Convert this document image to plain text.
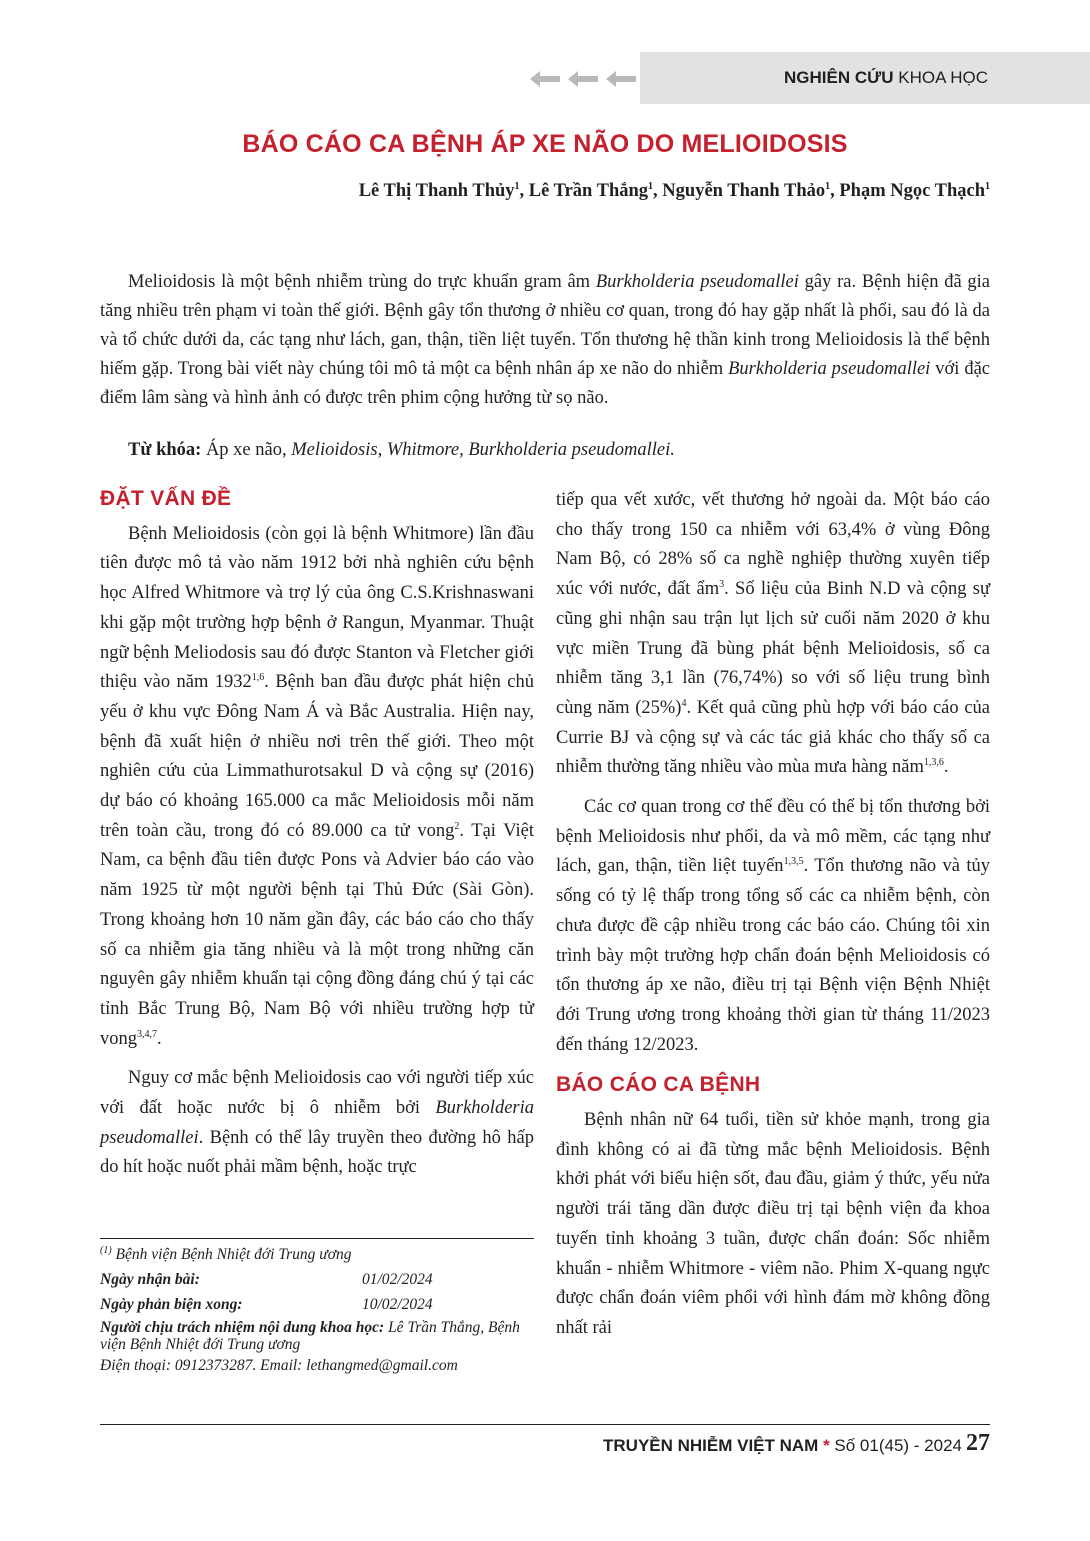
NGHIÊN CỨU KHOA HỌC
BÁO CÁO CA BỆNH ÁP XE NÃO DO MELIOIDOSIS
Lê Thị Thanh Thủy$^1$, Lê Trần Thắng$^1$, Nguyễn Thanh Thảo$^1$, Phạm Ngọc Thạch$^1$

Melioidosis là một bệnh nhiễm trùng do trực khuẩn gram âm Burkholderia pseudomallei gây ra. Bệnh hiện đã gia tăng nhiều trên phạm vi toàn thế giới. Bệnh gây tổn thương ở nhiều cơ quan, trong đó hay gặp nhất là phổi, sau đó là da và tổ chức dưới da, các tạng như lách, gan, thận, tiền liệt tuyến. Tổn thương hệ thần kinh trong Melioidosis là thể bệnh hiếm gặp. Trong bài viết này chúng tôi mô tả một ca bệnh nhân áp xe não do nhiễm Burkholderia pseudomallei với đặc điểm lâm sàng và hình ảnh có được trên phim cộng hưởng từ sọ não.

Từ khóa: Áp xe não, Melioidosis, Whitmore, Burkholderia pseudomallei.
ĐẶT VẤN ĐỀ

Bệnh Melioidosis (còn gọi là bệnh Whitmore) lần đầu tiên được mô tả vào năm 1912 bởi nhà nghiên cứu bệnh học Alfred Whitmore và trợ lý của ông C.S.Krishnaswani khi gặp một trường hợp bệnh ở Rangun, Myanmar. Thuật ngữ bệnh Meliodosis sau đó được Stanton và Fletcher giới thiệu vào năm 1932$^{1,6}$. Bệnh ban đầu được phát hiện chủ yếu ở khu vực Đông Nam Á và Bắc Australia. Hiện nay, bệnh đã xuất hiện ở nhiều nơi trên thế giới. Theo một nghiên cứu của Limmathurotsakul D và cộng sự (2016) dự báo có khoảng 165.000 ca mắc Melioidosis mỗi năm trên toàn cầu, trong đó có 89.000 ca tử vong$^2$. Tại Việt Nam, ca bệnh đầu tiên được Pons và Advier báo cáo vào năm 1925 từ một người bệnh tại Thủ Đức (Sài Gòn). Trong khoảng hơn 10 năm gần đây, các báo cáo cho thấy số ca nhiễm gia tăng nhiều và là một trong những căn nguyên gây nhiễm khuẩn tại cộng đồng đáng chú ý tại các tỉnh Bắc Trung Bộ, Nam Bộ với nhiều trường hợp tử vong$^{3,4,7}$.

Nguy cơ mắc bệnh Melioidosis cao với người tiếp xúc với đất hoặc nước bị ô nhiễm bởi Burkholderia pseudomallei. Bệnh có thể lây truyền theo đường hô hấp do hít hoặc nuốt phải mầm bệnh, hoặc trực

tiếp qua vết xước, vết thương hở ngoài da. Một báo cáo cho thấy trong 150 ca nhiễm với 63,4% ở vùng Đông Nam Bộ, có 28% số ca nghề nghiệp thường xuyên tiếp xúc với nước, đất ẩm$^3$. Số liệu của Binh N.D và cộng sự cũng ghi nhận sau trận lụt lịch sử cuối năm 2020 ở khu vực miền Trung đã bùng phát bệnh Melioidosis, số ca nhiễm tăng 3,1 lần (76,74%) so với số liệu trung bình cùng năm $(25\%)^4$. Kết quả cũng phù hợp với báo cáo của Currie BJ và cộng sự và các tác giả khác cho thấy số ca nhiễm thường tăng nhiều vào mùa mưa hàng năm$^{1,3,6}$.

Các cơ quan trong cơ thể đều có thể bị tổn thương bởi bệnh Melioidosis như phổi, da và mô mềm, các tạng như lách, gan, thận, tiền liệt tuyến$^{1,3,5}$. Tổn thương não và tủy sống có tỷ lệ thấp trong tổng số các ca nhiễm bệnh, còn chưa được đề cập nhiều trong các báo cáo. Chúng tôi xin trình bày một trường hợp chẩn đoán bệnh Melioidosis có tổn thương áp xe não, điều trị tại Bệnh viện Bệnh Nhiệt đới Trung ương trong khoảng thời gian từ tháng 11/2023 đến tháng 12/2023.

BÁO CÁO CA BỆNH

Bệnh nhân nữ 64 tuổi, tiền sử khỏe mạnh, trong gia đình không có ai đã từng mắc bệnh Melioidosis. Bệnh khởi phát với biểu hiện sốt, đau đầu, giảm ý thức, yếu nửa người trái tăng dần được điều trị tại bệnh viện đa khoa tuyến tỉnh khoảng 3 tuần, được chẩn đoán: Sốc nhiễm khuẩn - nhiễm Whitmore - viêm não. Phim X-quang ngực được chẩn đoán viêm phổi với hình đám mờ không đồng nhất rải

$^{(1)}$ Bệnh viện Bệnh Nhiệt đới Trung ương
Ngày nhận bài:	01/02/2024
Ngày phản biện xong:	10/02/2024
Người chịu trách nhiệm nội dung khoa học: Lê Trần Thắng, Bệnh viện Bệnh Nhiệt đới Trung ương
Điện thoại: 0912373287. Email: lethangmed@gmail.com
TRUYỀN NHIỄM VIỆT NAM * Số 01(45) - 2024 27
